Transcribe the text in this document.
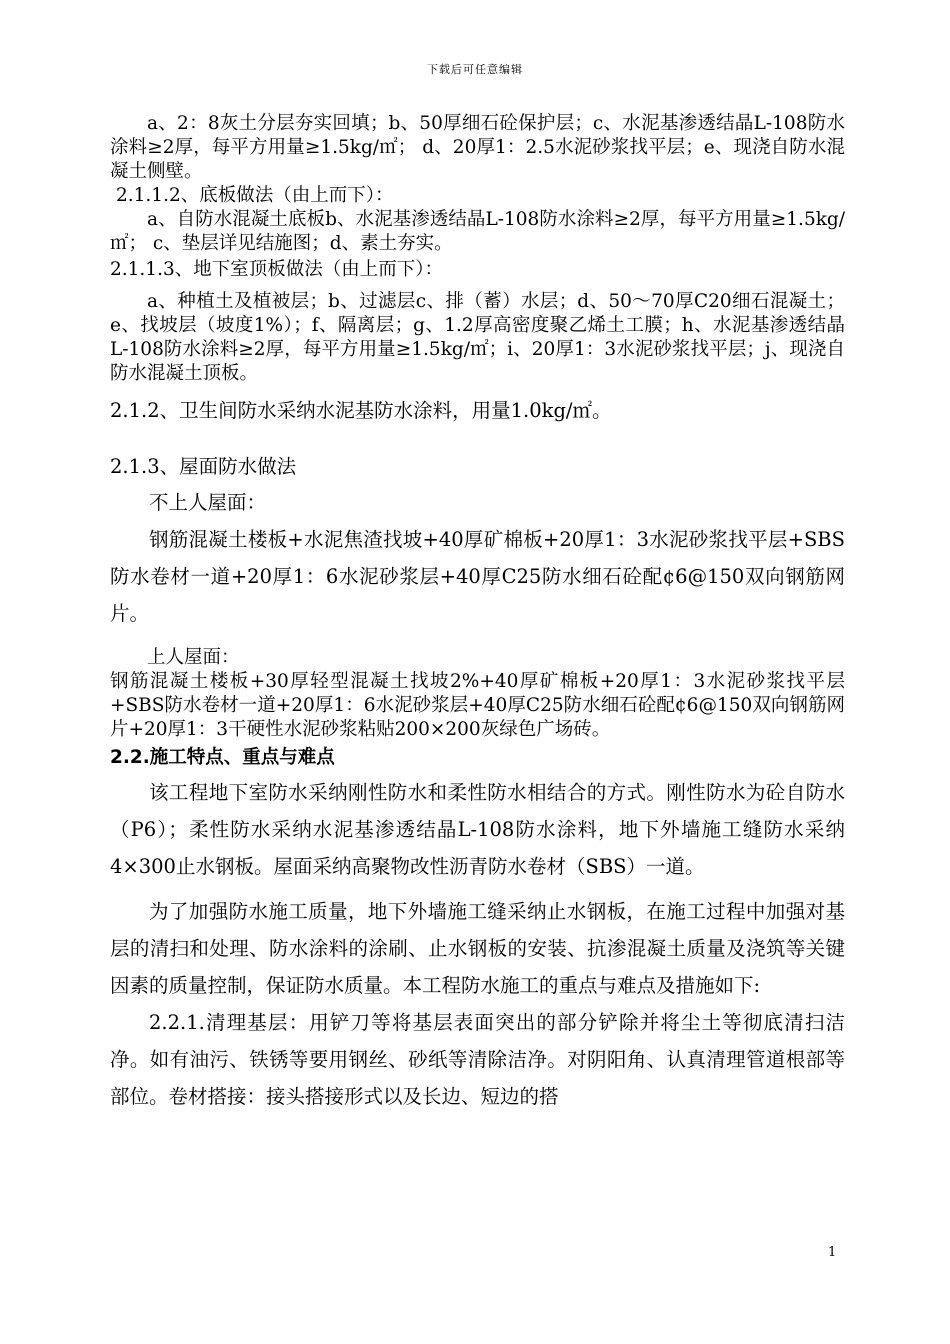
下载后可任意编辑

a、2：8灰土分层夯实回填；b、50厚细石砼保护层；c、水泥基渗透结晶L-108防水涂料≥2厚，每平方用量≥1.5kg/㎡； d、20厚1：2.5水泥砂浆找平层；e、现浇自防水混凝土侧壁。

2.1.1.2、底板做法（由上而下）：

a、自防水混凝土底板b、水泥基渗透结晶L-108防水涂料≥2厚，每平方用量≥1.5kg/㎡； c、垫层详见结施图；d、素土夯实。

2.1.1.3、地下室顶板做法（由上而下）：

a、种植土及植被层；b、过滤层c、排（蓄）水层；d、50～70厚C20细石混凝土； e、找坡层（坡度1%）；f、隔离层；g、1.2厚高密度聚乙烯土工膜；h、水泥基渗透结晶L-108防水涂料≥2厚，每平方用量≥1.5kg/㎡；i、20厚1：3水泥砂浆找平层；j、现浇自防水混凝土顶板。

2.1.2、卫生间防水采纳水泥基防水涂料，用量1.0kg/㎡。

2.1.3、屋面防水做法

不上人屋面：

钢筋混凝土楼板+水泥焦渣找坡+40厚矿棉板+20厚1：3水泥砂浆找平层+SBS防水卷材一道+20厚1：6水泥砂浆层+40厚C25防水细石砼配¢6@150双向钢筋网片。

上人屋面：

钢筋混凝土楼板+30厚轻型混凝土找坡2%+40厚矿棉板+20厚1：3水泥砂浆找平层+SBS防水卷材一道+20厚1：6水泥砂浆层+40厚C25防水细石砼配¢6@150双向钢筋网片+20厚1：3干硬性水泥砂浆粘贴200×200灰绿色广场砖。

2.2.施工特点、重点与难点

该工程地下室防水采纳刚性防水和柔性防水相结合的方式。刚性防水为砼自防水（P6）；柔性防水采纳水泥基渗透结晶L-108防水涂料，地下外墙施工缝防水采纳4×300止水钢板。屋面采纳高聚物改性沥青防水卷材（SBS）一道。

为了加强防水施工质量，地下外墙施工缝采纳止水钢板，在施工过程中加强对基层的清扫和处理、防水涂料的涂刷、止水钢板的安装、抗渗混凝土质量及浇筑等关键因素的质量控制，保证防水质量。本工程防水施工的重点与难点及措施如下:

2.2.1.清理基层：用铲刀等将基层表面突出的部分铲除并将尘土等彻底清扫洁净。如有油污、铁锈等要用钢丝、砂纸等清除洁净。对阴阳角、认真清理管道根部等部位。卷材搭接：接头搭接形式以及长边、短边的搭

1
